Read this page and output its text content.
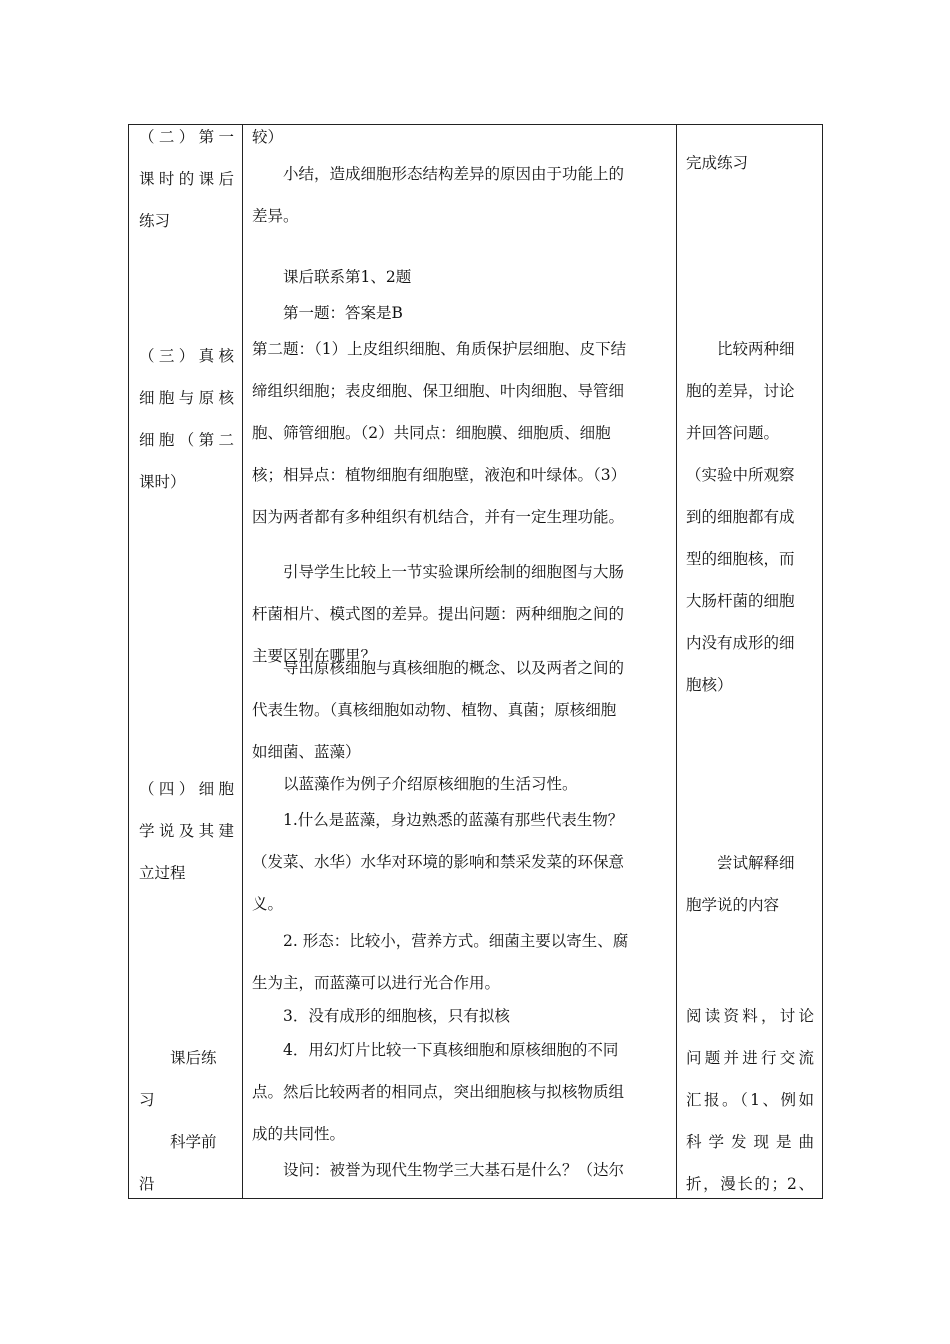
（二）第一
课时的课后
练习
（三）真核
细胞与原核
细胞（第二
课时）
（四）细胞
学说及其建
立过程
课后练
习
科学前
沿
较）
小结，造成细胞形态结构差异的原因由于功能上的
差异。
课后联系第1、2题
第一题：答案是B
第二题：（1）上皮组织细胞、角质保护层细胞、皮下结
缔组织细胞；表皮细胞、保卫细胞、叶肉细胞、导管细
胞、筛管细胞。（2）共同点：细胞膜、细胞质、细胞
核；相异点：植物细胞有细胞壁，液泡和叶绿体。（3）
因为两者都有多种组织有机结合，并有一定生理功能。
引导学生比较上一节实验课所绘制的细胞图与大肠
杆菌相片、模式图的差异。提出问题：两种细胞之间的
主要区别在哪里？
导出原核细胞与真核细胞的概念、以及两者之间的
代表生物。（真核细胞如动物、植物、真菌；原核细胞
如细菌、蓝藻）
以蓝藻作为例子介绍原核细胞的生活习性。
1.什么是蓝藻，身边熟悉的蓝藻有那些代表生物？
（发菜、水华）水华对环境的影响和禁采发菜的环保意
义。
2. 形态：比较小，营养方式。细菌主要以寄生、腐
生为主，而蓝藻可以进行光合作用。
3．没有成形的细胞核，只有拟核
4．用幻灯片比较一下真核细胞和原核细胞的不同
点。然后比较两者的相同点，突出细胞核与拟核物质组
成的共同性。
设问：被誉为现代生物学三大基石是什么？（达尔
完成练习
比较两种细
胞的差异，讨论
并回答问题。
（实验中所观察
到的细胞都有成
型的细胞核，而
大肠杆菌的细胞
内没有成形的细
胞核）
尝试解释细
胞学说的内容
阅读资料，讨论
问题并进行交流
汇报。（1、例如
科学发现是曲
折，漫长的；2、
